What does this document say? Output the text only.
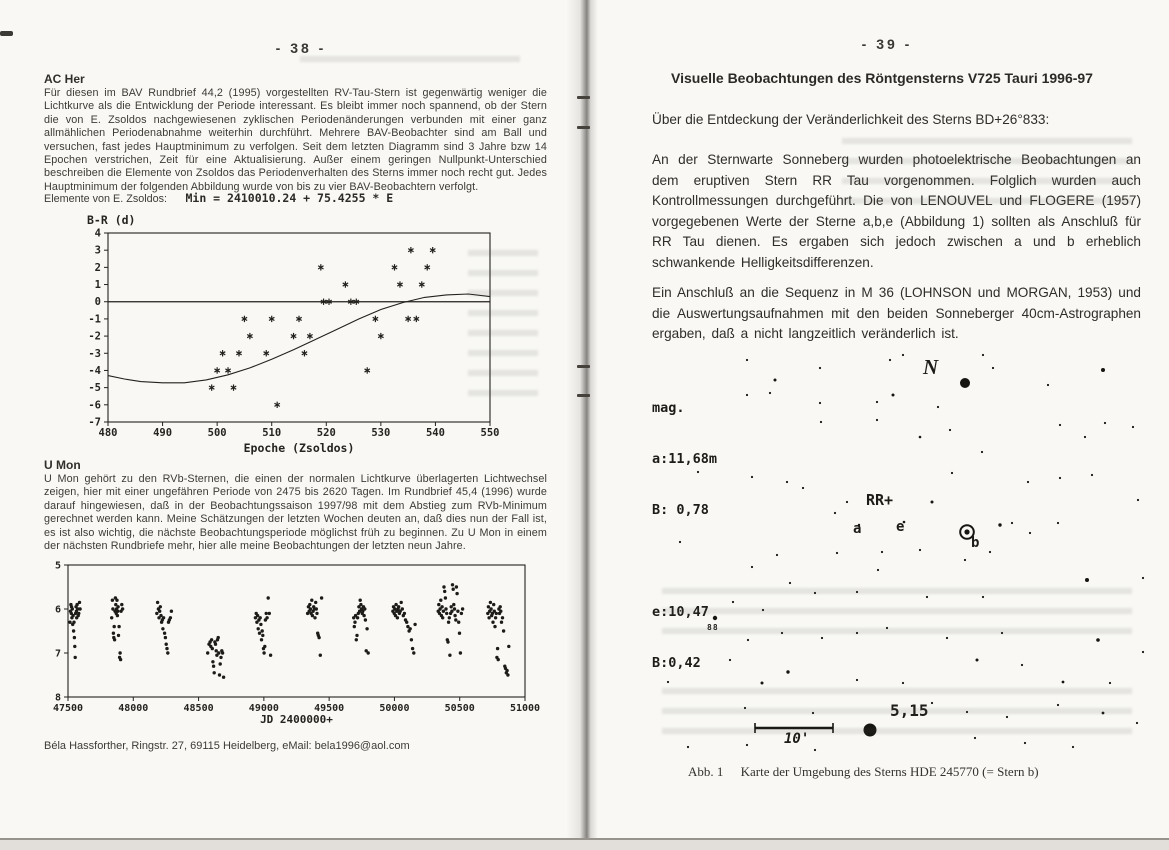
- 38 -
AC Her
Für diesen im BAV Rundbrief 44,2 (1995) vorgestellten RV-Tau-Stern ist gegenwärtig weniger die Lichtkurve als die Entwicklung der Periode interessant. Es bleibt immer noch spannend, ob der Stern die von E. Zsoldos nachgewiesenen zyklischen Periodenänderungen verbunden mit einer ganz allmählichen Periodenabnahme weiterhin durchführt. Mehrere BAV-Beobachter sind am Ball und versuchen, fast jedes Hauptminimum zu verfolgen. Seit dem letzten Diagramm sind 3 Jahre bzw 14 Epochen verstrichen, Zeit für eine Aktualisierung. Außer einem geringen Nullpunkt-Unterschied beschreiben die Elemente von Zsoldos das Periodenverhalten des Sterns immer noch recht gut. Jedes Hauptminimum der folgenden Abbildung wurde von bis zu vier BAV-Beobachtern verfolgt.
Elemente von E. Zsoldos: Min = 2410010.24 + 75.4255 * E
480	490	500	510	520	530	540	550
4
3
2
1
0
-1
-2
-3
-4
-5
-6
-7
B-R (d)
Epoche (Zsoldos)
U Mon
U Mon gehört zu den RVb-Sternen, die einen der normalen Lichtkurve überlagerten Lichtwechsel zeigen, hier mit einer ungefähren Periode von 2475 bis 2620 Tagen. Im Rundbrief 45,4 (1996) wurde darauf hingewiesen, daß in der Beobachtungssaison 1997/98 mit dem Abstieg zum RVb-Minimum gerechnet werden kann. Meine Schätzungen der letzten Wochen deuten an, daß dies nun der Fall ist, es ist also wichtig, die nächste Beobachtungsperiode möglichst früh zu beginnen. Zu U Mon in einem der nächsten Rundbriefe mehr, hier alle meine Beobachtungen der letzten neun Jahre.
47500	48000	48500	49000	49500	50000	50500	51000
5
6
7
8
JD 2400000+
Béla Hassforther, Ringstr. 27, 69115 Heidelberg, eMail: bela1996@aol.com
- 39 -
Visuelle Beobachtungen des Röntgensterns V725 Tauri 1996-97
Über die Entdeckung der Veränderlichkeit des Sterns BD+26°833:
An der Sternwarte Sonneberg wurden photoelektrische Beobachtungen an dem eruptiven Stern RR Tau vorgenommen. Folglich wurden auch Kontrollmessungen durchgeführt. Die von LENOUVEL und FLOGERE (1957) vorgegebenen Werte der Sterne a,b,e (Abbildung 1) sollten als Anschluß für RR Tau dienen. Es ergaben sich jedoch zwischen a und b erheblich schwankende Helligkeitsdifferenzen.
Ein Anschluß an die Sequenz in M 36 (LOHNSON und MORGAN, 1953) und die Auswertungsaufnahmen mit den beiden Sonneberger 40cm-Astrographen ergaben, daß a nicht langzeitlich veränderlich ist.

mag.

a:11,68m

B: 0,78

e:10,47

B:0,42

N
RR+
a e
b
5,15
10'
88
Abb. 1 Karte der Umgebung des Sterns HDE 245770 (= Stern b)
